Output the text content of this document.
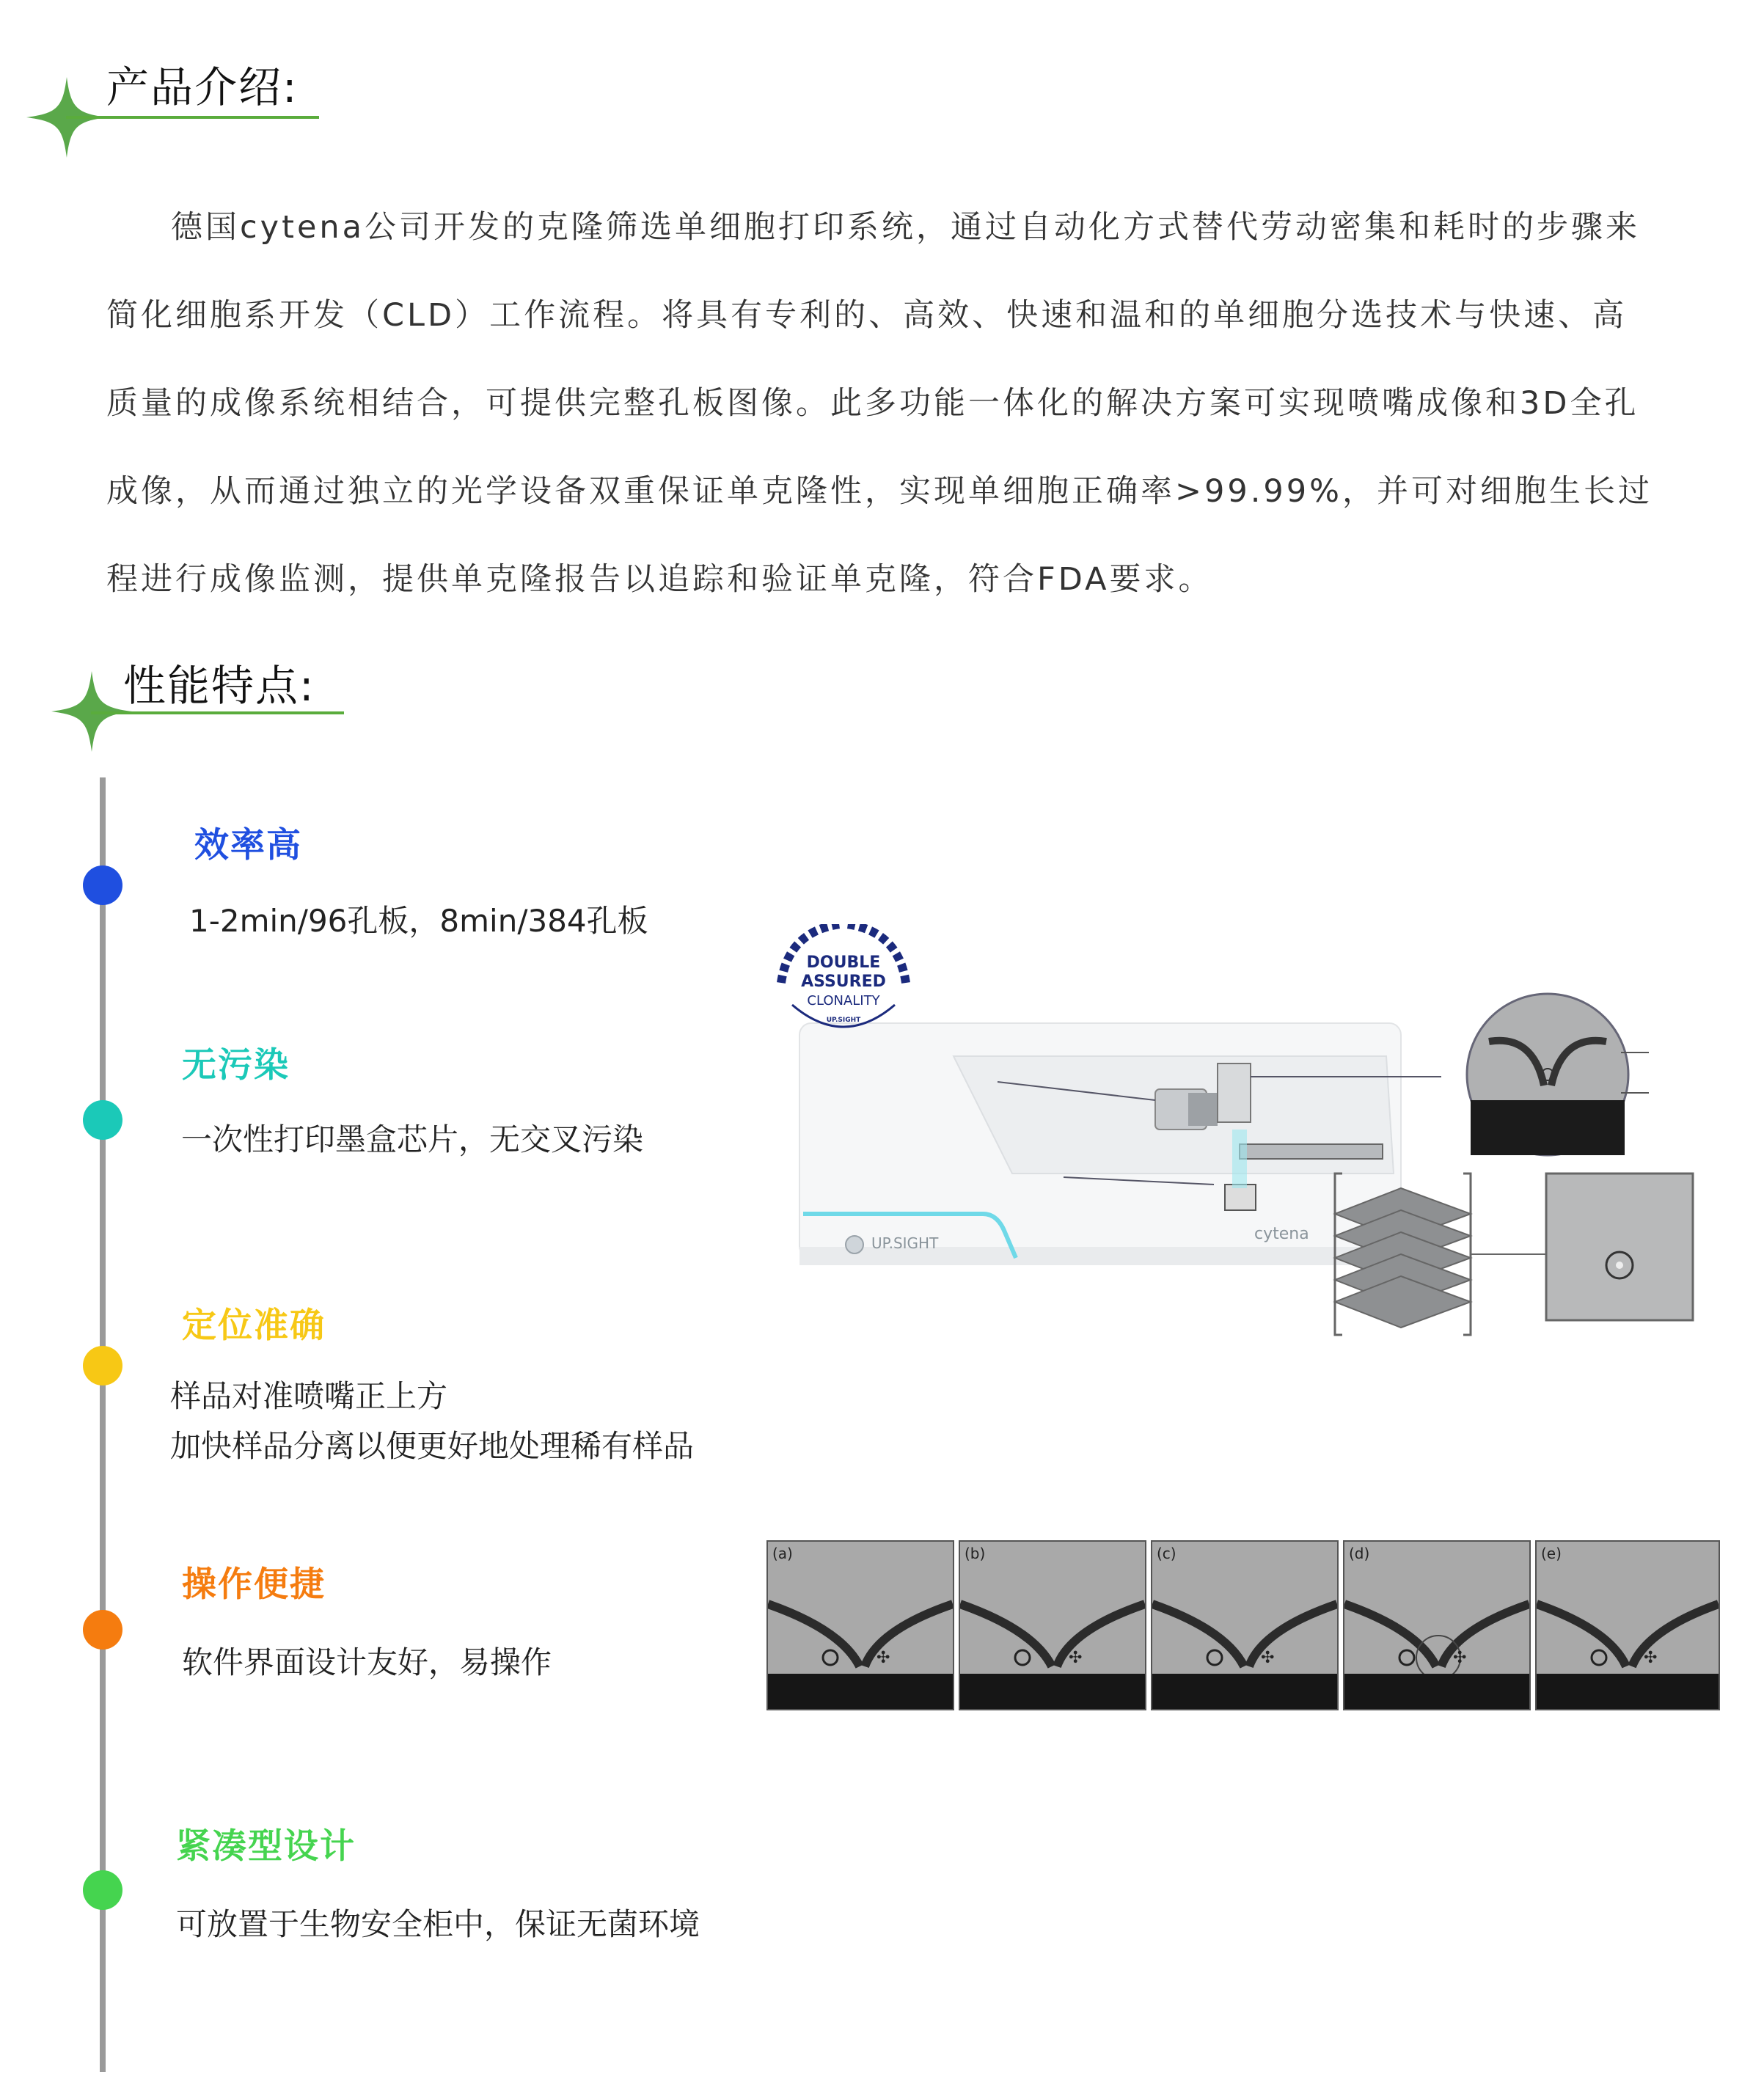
产品介绍:

德国cytena公司开发的克隆筛选单细胞打印系统，通过自动化方式替代劳动密集和耗时的步骤来简化细胞系开发（CLD）工作流程。将具有专利的、高效、快速和温和的单细胞分选技术与快速、高质量的成像系统相结合，可提供完整孔板图像。此多功能一体化的解决方案可实现喷嘴成像和3D全孔成像，从而通过独立的光学设备双重保证单克隆性，实现单细胞正确率>99.99%，并可对细胞生长过程进行成像监测，提供单克隆报告以追踪和验证单克隆，符合FDA要求。

性能特点:
效率高
1-2min/96孔板，8min/384孔板
无污染
一次性打印墨盒芯片，无交叉污染
定位准确
样品对准喷嘴正上方
加快样品分离以便更好地处理稀有样品
操作便捷
软件界面设计友好，易操作
紧凑型设计
可放置于生物安全柜中，保证无菌环境
DOUBLE
ASSURED
CLONALITY
UP.SIGHT
UP.SIGHT	cytena
(a)
✣
(b)
✣
(c)
✣
(d)
✣
(e)
✣
